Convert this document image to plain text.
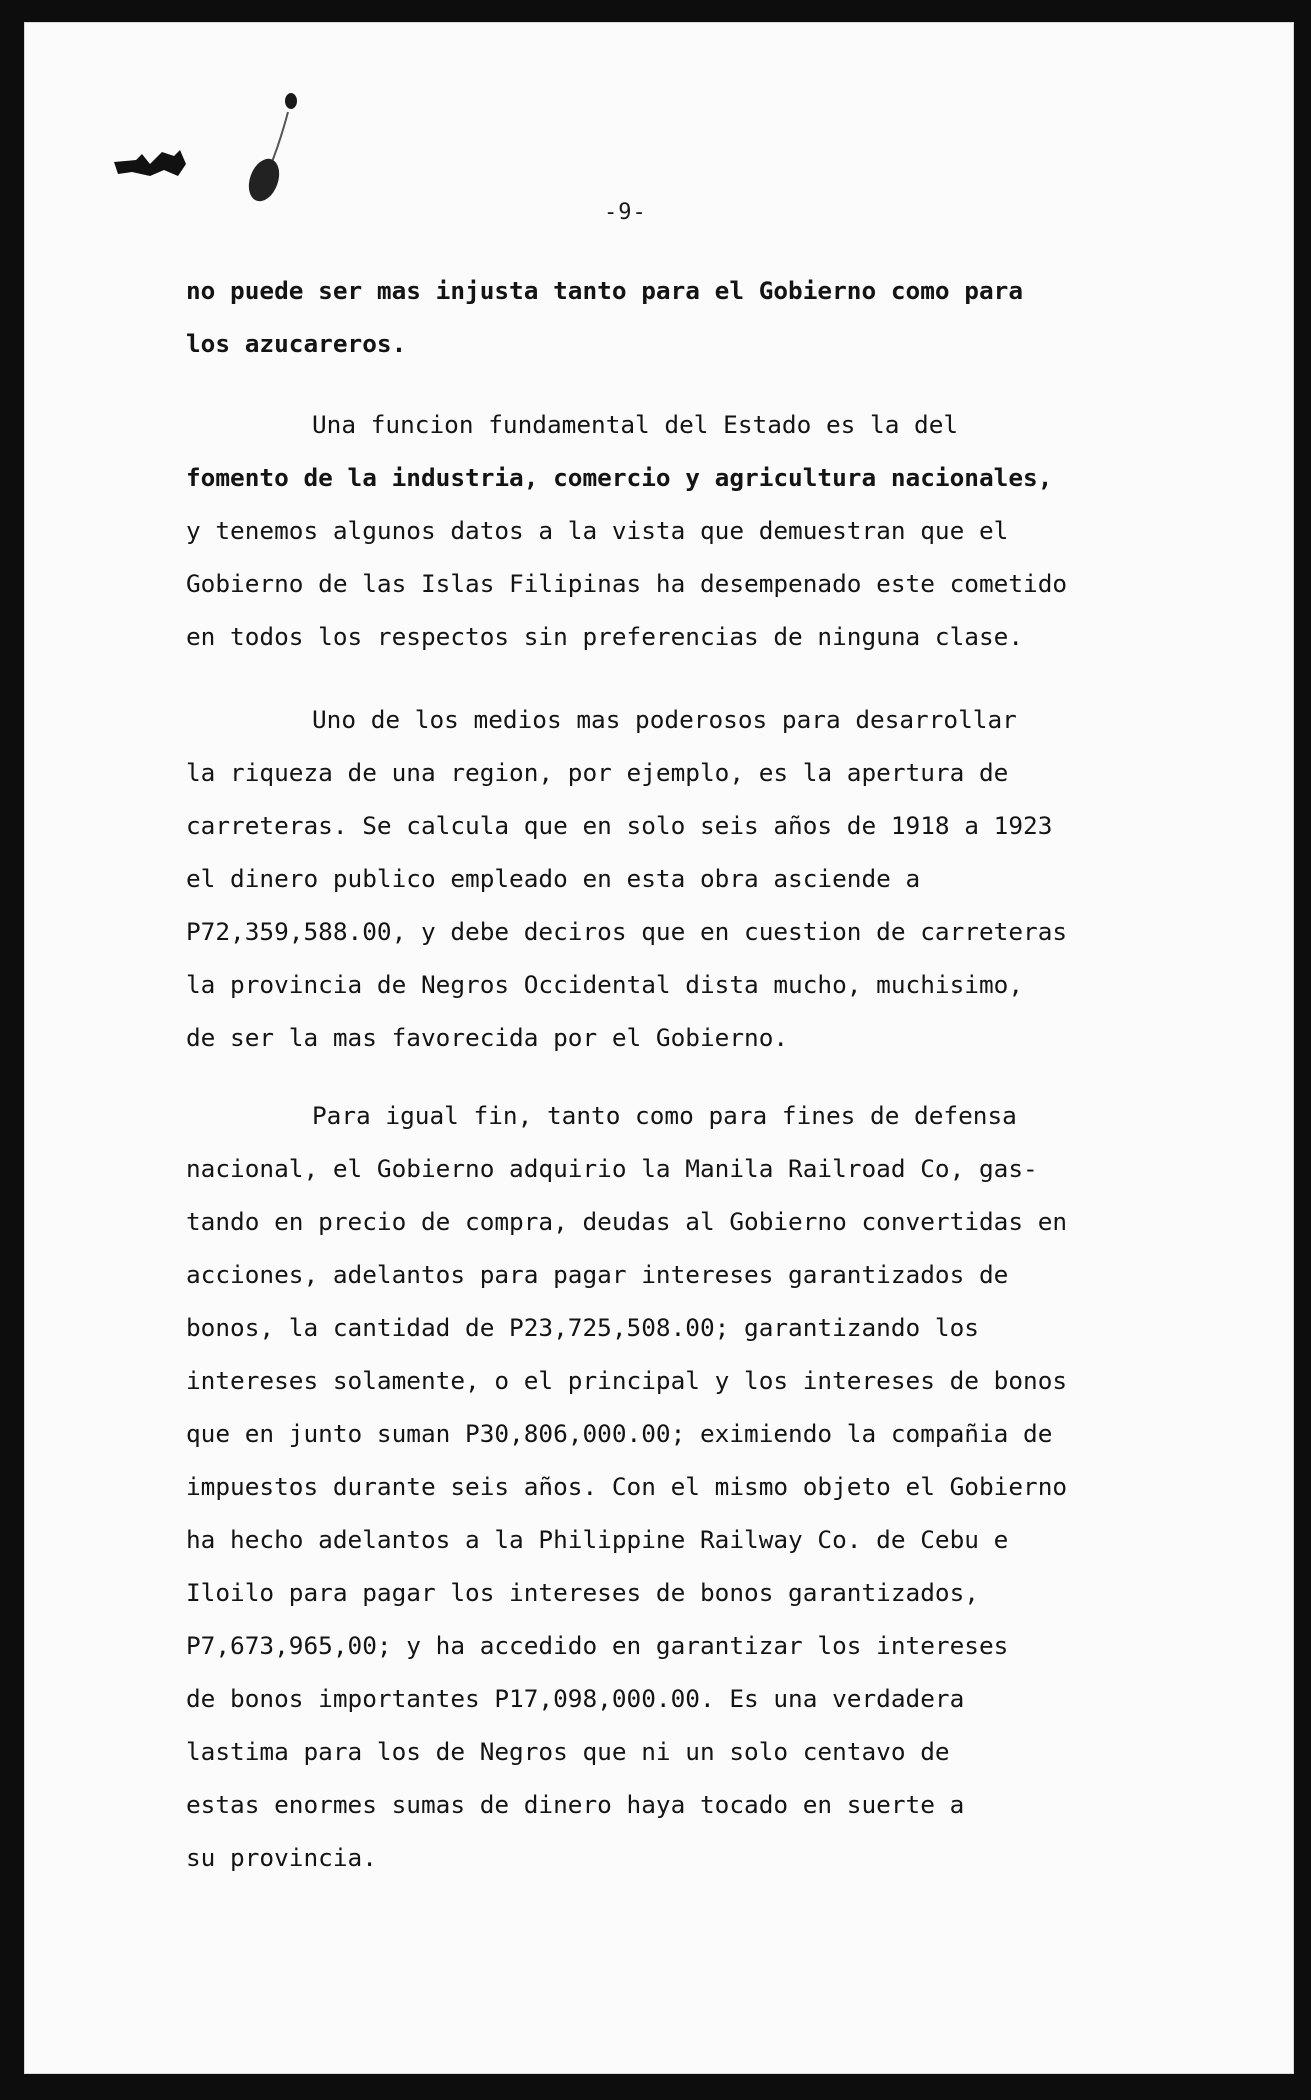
-9-
no puede ser mas injusta tanto para el Gobierno como para
los azucareros.
Una funcion fundamental del Estado es la del
fomento de la industria, comercio y agricultura nacionales,
y tenemos algunos datos a la vista que demuestran que el
Gobierno de las Islas Filipinas ha desempenado este cometido
en todos los respectos sin preferencias de ninguna clase.
Uno de los medios mas poderosos para desarrollar
la riqueza de una region, por ejemplo, es la apertura de
carreteras. Se calcula que en solo seis años de 1918 a 1923
el dinero publico empleado en esta obra asciende a
P72,359,588.00, y debe deciros que en cuestion de carreteras
la provincia de Negros Occidental dista mucho, muchisimo,
de ser la mas favorecida por el Gobierno.
Para igual fin, tanto como para fines de defensa
nacional, el Gobierno adquirio la Manila Railroad Co, gas-
tando en precio de compra, deudas al Gobierno convertidas en
acciones, adelantos para pagar intereses garantizados de
bonos, la cantidad de P23,725,508.00; garantizando los
intereses solamente, o el principal y los intereses de bonos
que en junto suman P30,806,000.00; eximiendo la compañia de
impuestos durante seis años. Con el mismo objeto el Gobierno
ha hecho adelantos a la Philippine Railway Co. de Cebu e
Iloilo para pagar los intereses de bonos garantizados,
P7,673,965,00; y ha accedido en garantizar los intereses
de bonos importantes P17,098,000.00. Es una verdadera
lastima para los de Negros que ni un solo centavo de
estas enormes sumas de dinero haya tocado en suerte a
su provincia.
